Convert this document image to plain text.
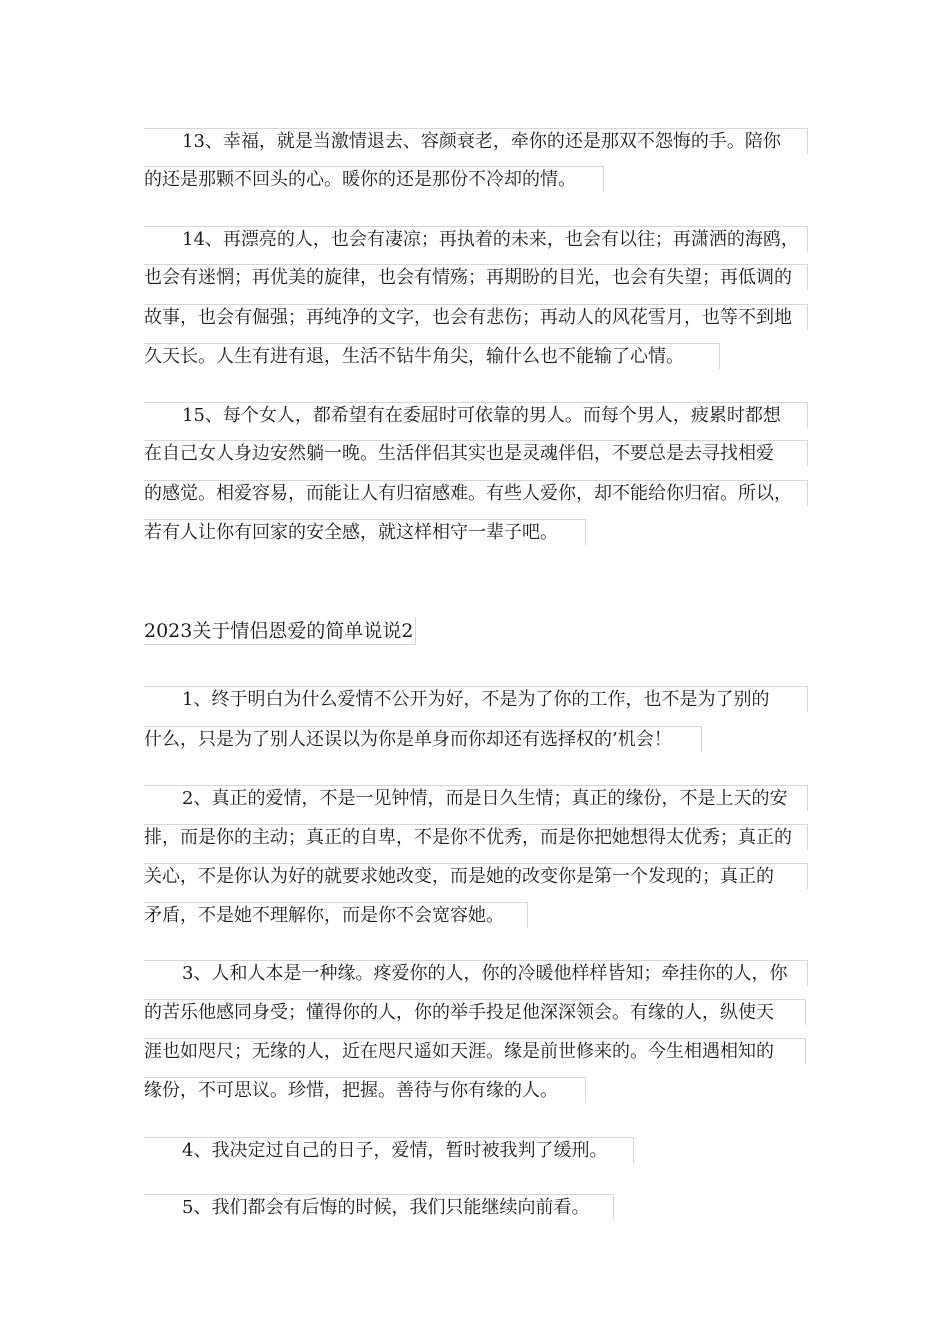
13、幸福，就是当激情退去、容颜衰老，牵你的还是那双不怨悔的手。陪你
的还是那颗不回头的心。暖你的还是那份不冷却的情。
14、再漂亮的人，也会有凄凉；再执着的未来，也会有以往；再潇洒的海鸥，
也会有迷惘；再优美的旋律，也会有情殇；再期盼的目光，也会有失望；再低调的
故事，也会有倔强；再纯净的文字，也会有悲伤；再动人的风花雪月，也等不到地
久天长。人生有进有退，生活不钻牛角尖，输什么也不能输了心情。
15、每个女人，都希望有在委屈时可依靠的男人。而每个男人，疲累时都想
在自己女人身边安然躺一晚。生活伴侣其实也是灵魂伴侣，不要总是去寻找相爱
的感觉。相爱容易，而能让人有归宿感难。有些人爱你，却不能给你归宿。所以，
若有人让你有回家的安全感，就这样相守一辈子吧。
2023关于情侣恩爱的简单说说2
1、终于明白为什么爱情不公开为好，不是为了你的工作，也不是为了别的
什么，只是为了别人还误以为你是单身而你却还有选择权的’机会！
2、真正的爱情，不是一见钟情，而是日久生情；真正的缘份，不是上天的安
排，而是你的主动；真正的自卑，不是你不优秀，而是你把她想得太优秀；真正的
关心，不是你认为好的就要求她改变，而是她的改变你是第一个发现的；真正的
矛盾，不是她不理解你，而是你不会宽容她。
3、人和人本是一种缘。疼爱你的人，你的冷暖他样样皆知；牵挂你的人，你
的苦乐他感同身受；懂得你的人，你的举手投足他深深领会。有缘的人，纵使天
涯也如咫尺；无缘的人，近在咫尺遥如天涯。缘是前世修来的。今生相遇相知的
缘份，不可思议。珍惜，把握。善待与你有缘的人。
4、我决定过自己的日子，爱情，暂时被我判了缓刑。
5、我们都会有后悔的时候，我们只能继续向前看。
